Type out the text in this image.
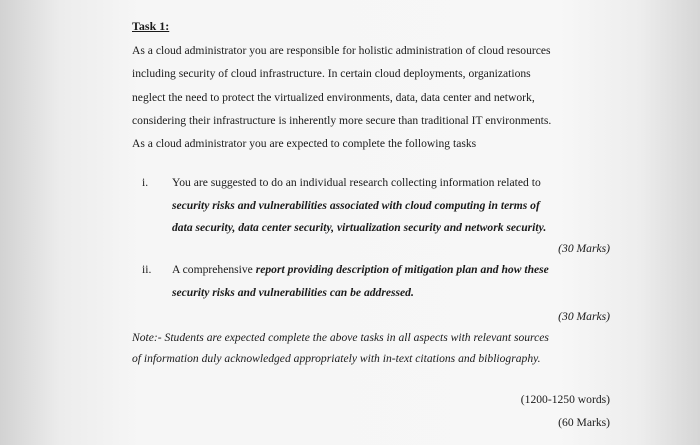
Task 1:

As a cloud administrator you are responsible for holistic administration of cloud resources
including security of cloud infrastructure. In certain cloud deployments, organizations
neglect the need to protect the virtualized environments, data, data center and network,
considering their infrastructure is inherently more secure than traditional IT environments.
As a cloud administrator you are expected to complete the following tasks

i. You are suggested to do an individual research collecting information related to
security risks and vulnerabilities associated with cloud computing in terms of
data security, data center security, virtualization security and network security.
(30 Marks)
ii. A comprehensive report providing description of mitigation plan and how these
security risks and vulnerabilities can be addressed.
(30 Marks)
Note:- Students are expected complete the above tasks in all aspects with relevant sources
of information duly acknowledged appropriately with in-text citations and bibliography.
(1200-1250 words)
(60 Marks)
